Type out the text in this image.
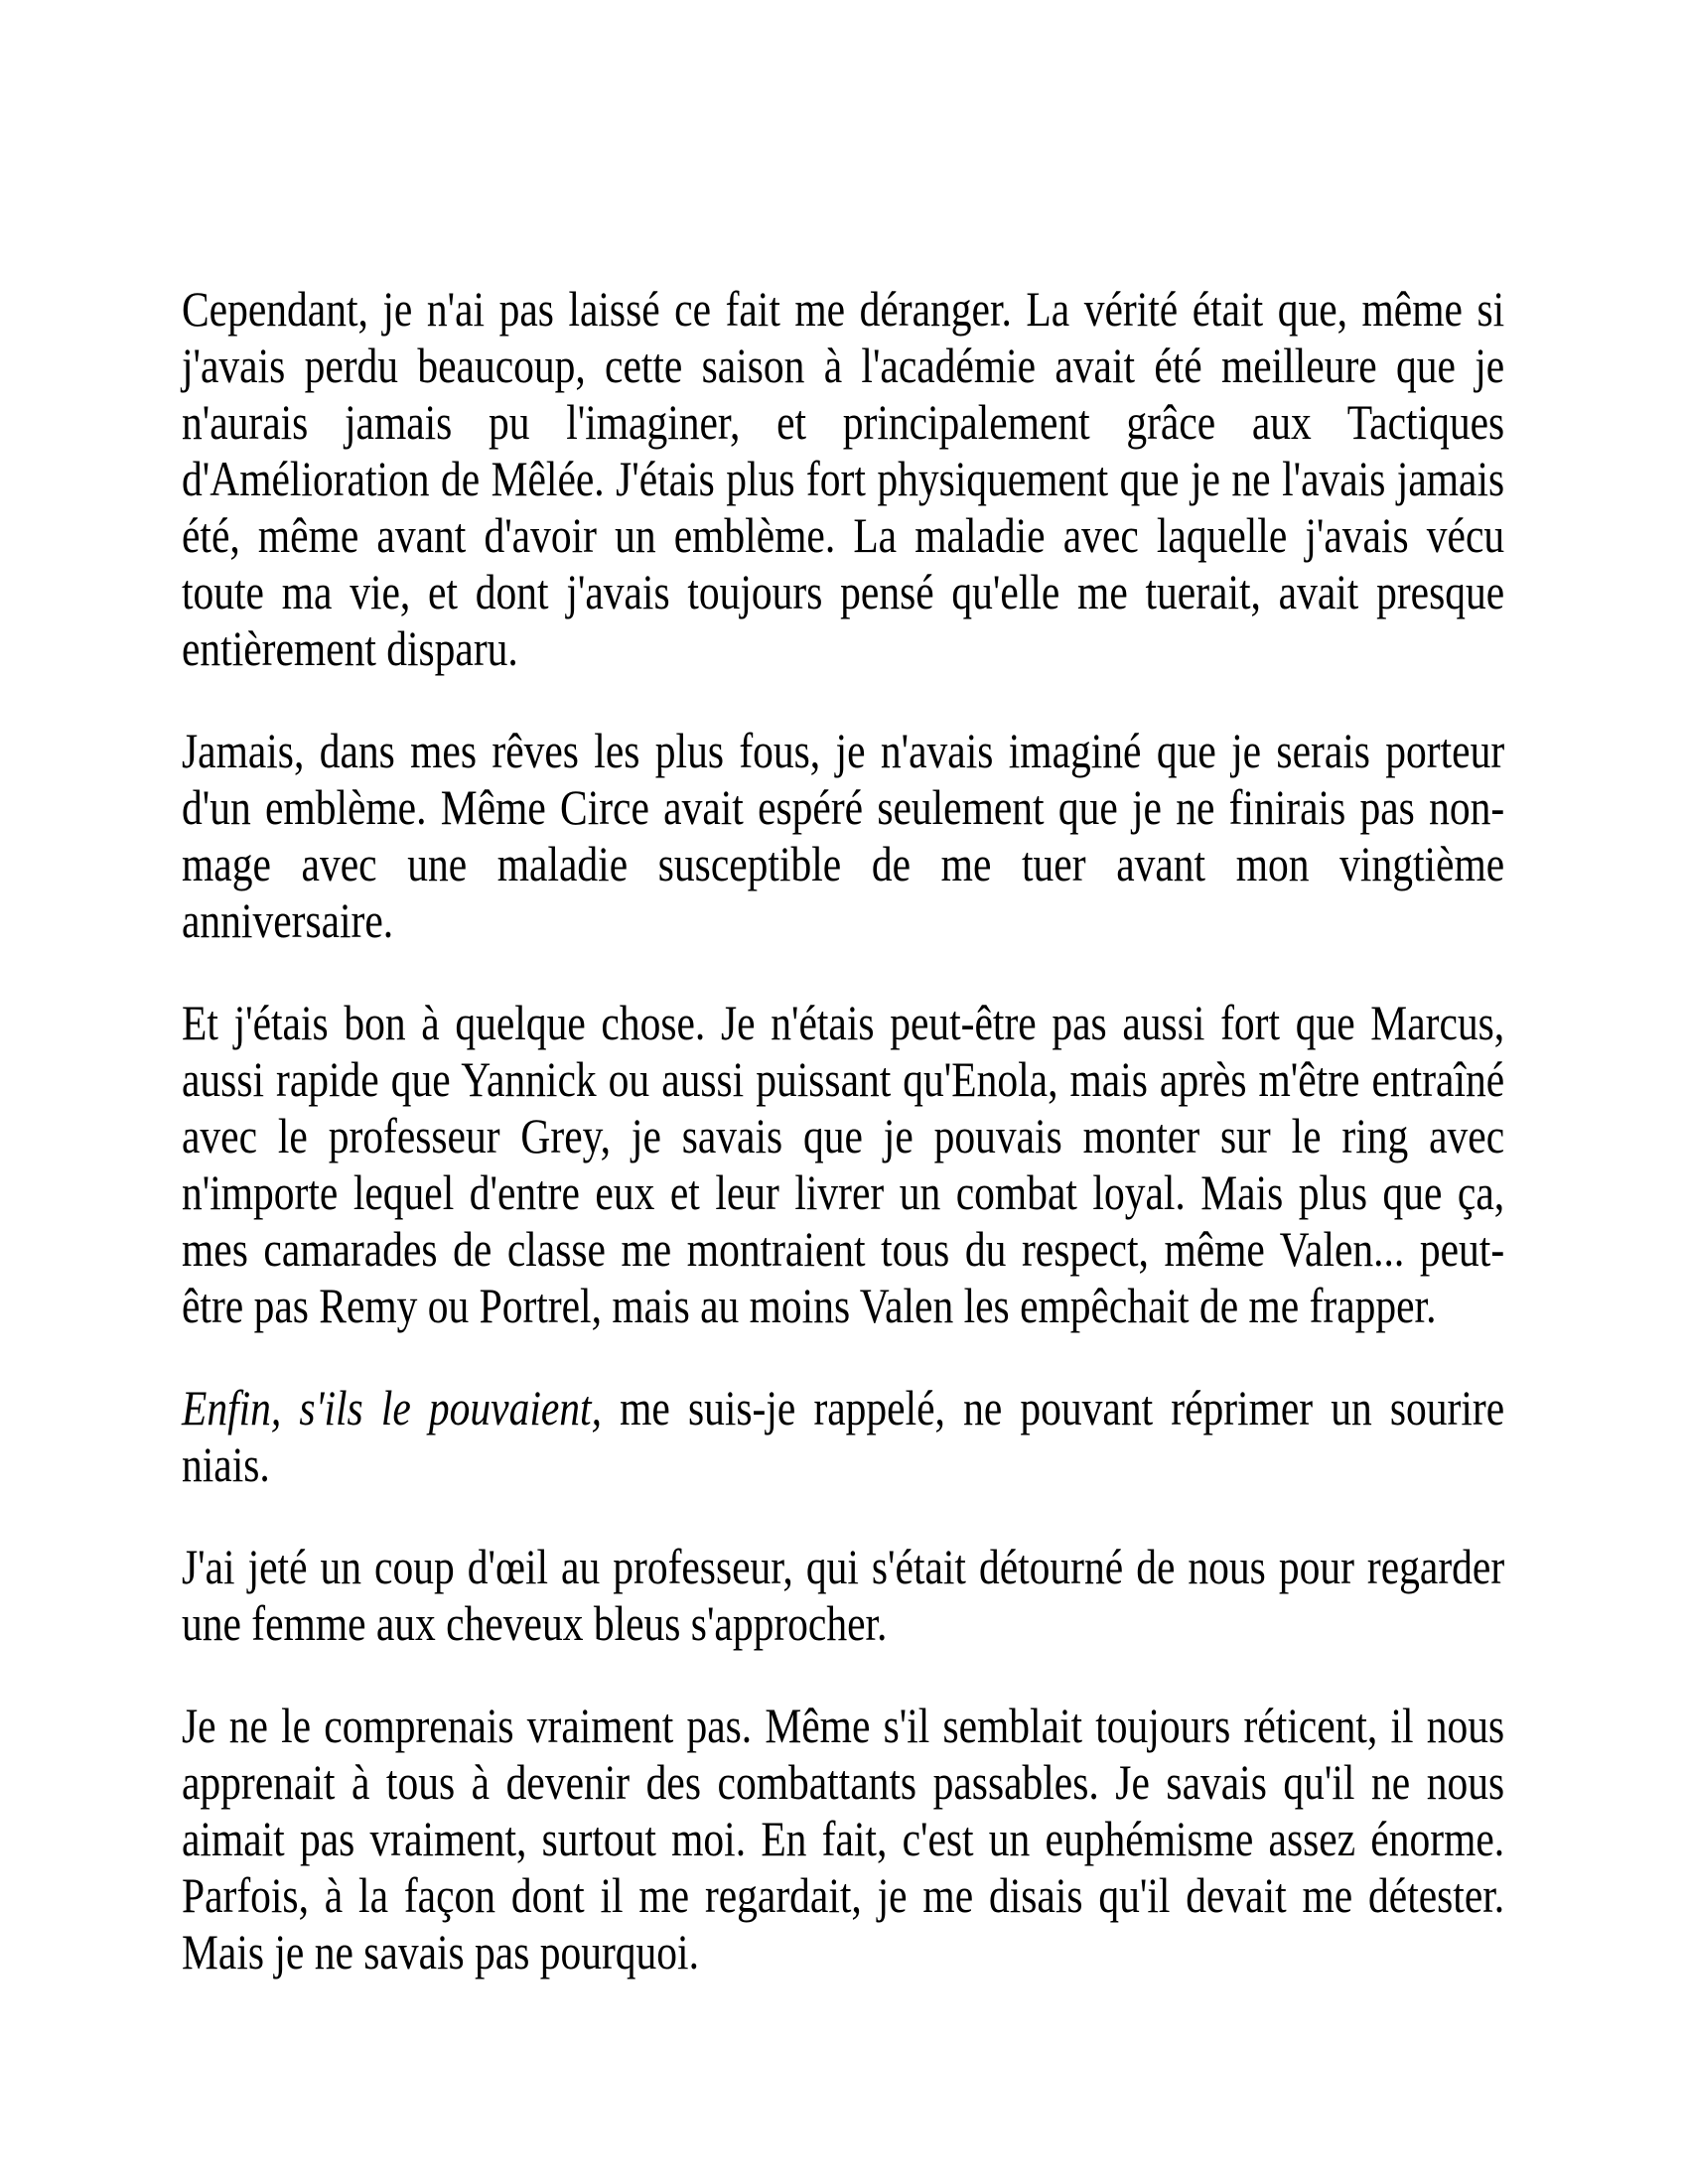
Cependant, je n'ai pas laissé ce fait me déranger. La vérité était que, même si j'avais perdu beaucoup, cette saison à l'académie avait été meilleure que je n'aurais jamais pu l'imaginer, et principalement grâce aux Tactiques d'Amélioration de Mêlée. J'étais plus fort physiquement que je ne l'avais jamais été, même avant d'avoir un emblème. La maladie avec laquelle j'avais vécu toute ma vie, et dont j'avais toujours pensé qu'elle me tuerait, avait presque entièrement disparu.

Jamais, dans mes rêves les plus fous, je n'avais imaginé que je serais porteur d'un emblème. Même Circe avait espéré seulement que je ne finirais pas non-mage avec une maladie susceptible de me tuer avant mon vingtième anniversaire.

Et j'étais bon à quelque chose. Je n'étais peut-être pas aussi fort que Marcus, aussi rapide que Yannick ou aussi puissant qu'Enola, mais après m'être entraîné avec le professeur Grey, je savais que je pouvais monter sur le ring avec n'importe lequel d'entre eux et leur livrer un combat loyal. Mais plus que ça, mes camarades de classe me montraient tous du respect, même Valen... peut-être pas Remy ou Portrel, mais au moins Valen les empêchait de me frapper.

Enfin, s'ils le pouvaient, me suis-je rappelé, ne pouvant réprimer un sourire niais.

J'ai jeté un coup d'œil au professeur, qui s'était détourné de nous pour regarder une femme aux cheveux bleus s'approcher.

Je ne le comprenais vraiment pas. Même s'il semblait toujours réticent, il nous apprenait à tous à devenir des combattants passables. Je savais qu'il ne nous aimait pas vraiment, surtout moi. En fait, c'est un euphémisme assez énorme. Parfois, à la façon dont il me regardait, je me disais qu'il devait me détester. Mais je ne savais pas pourquoi.
